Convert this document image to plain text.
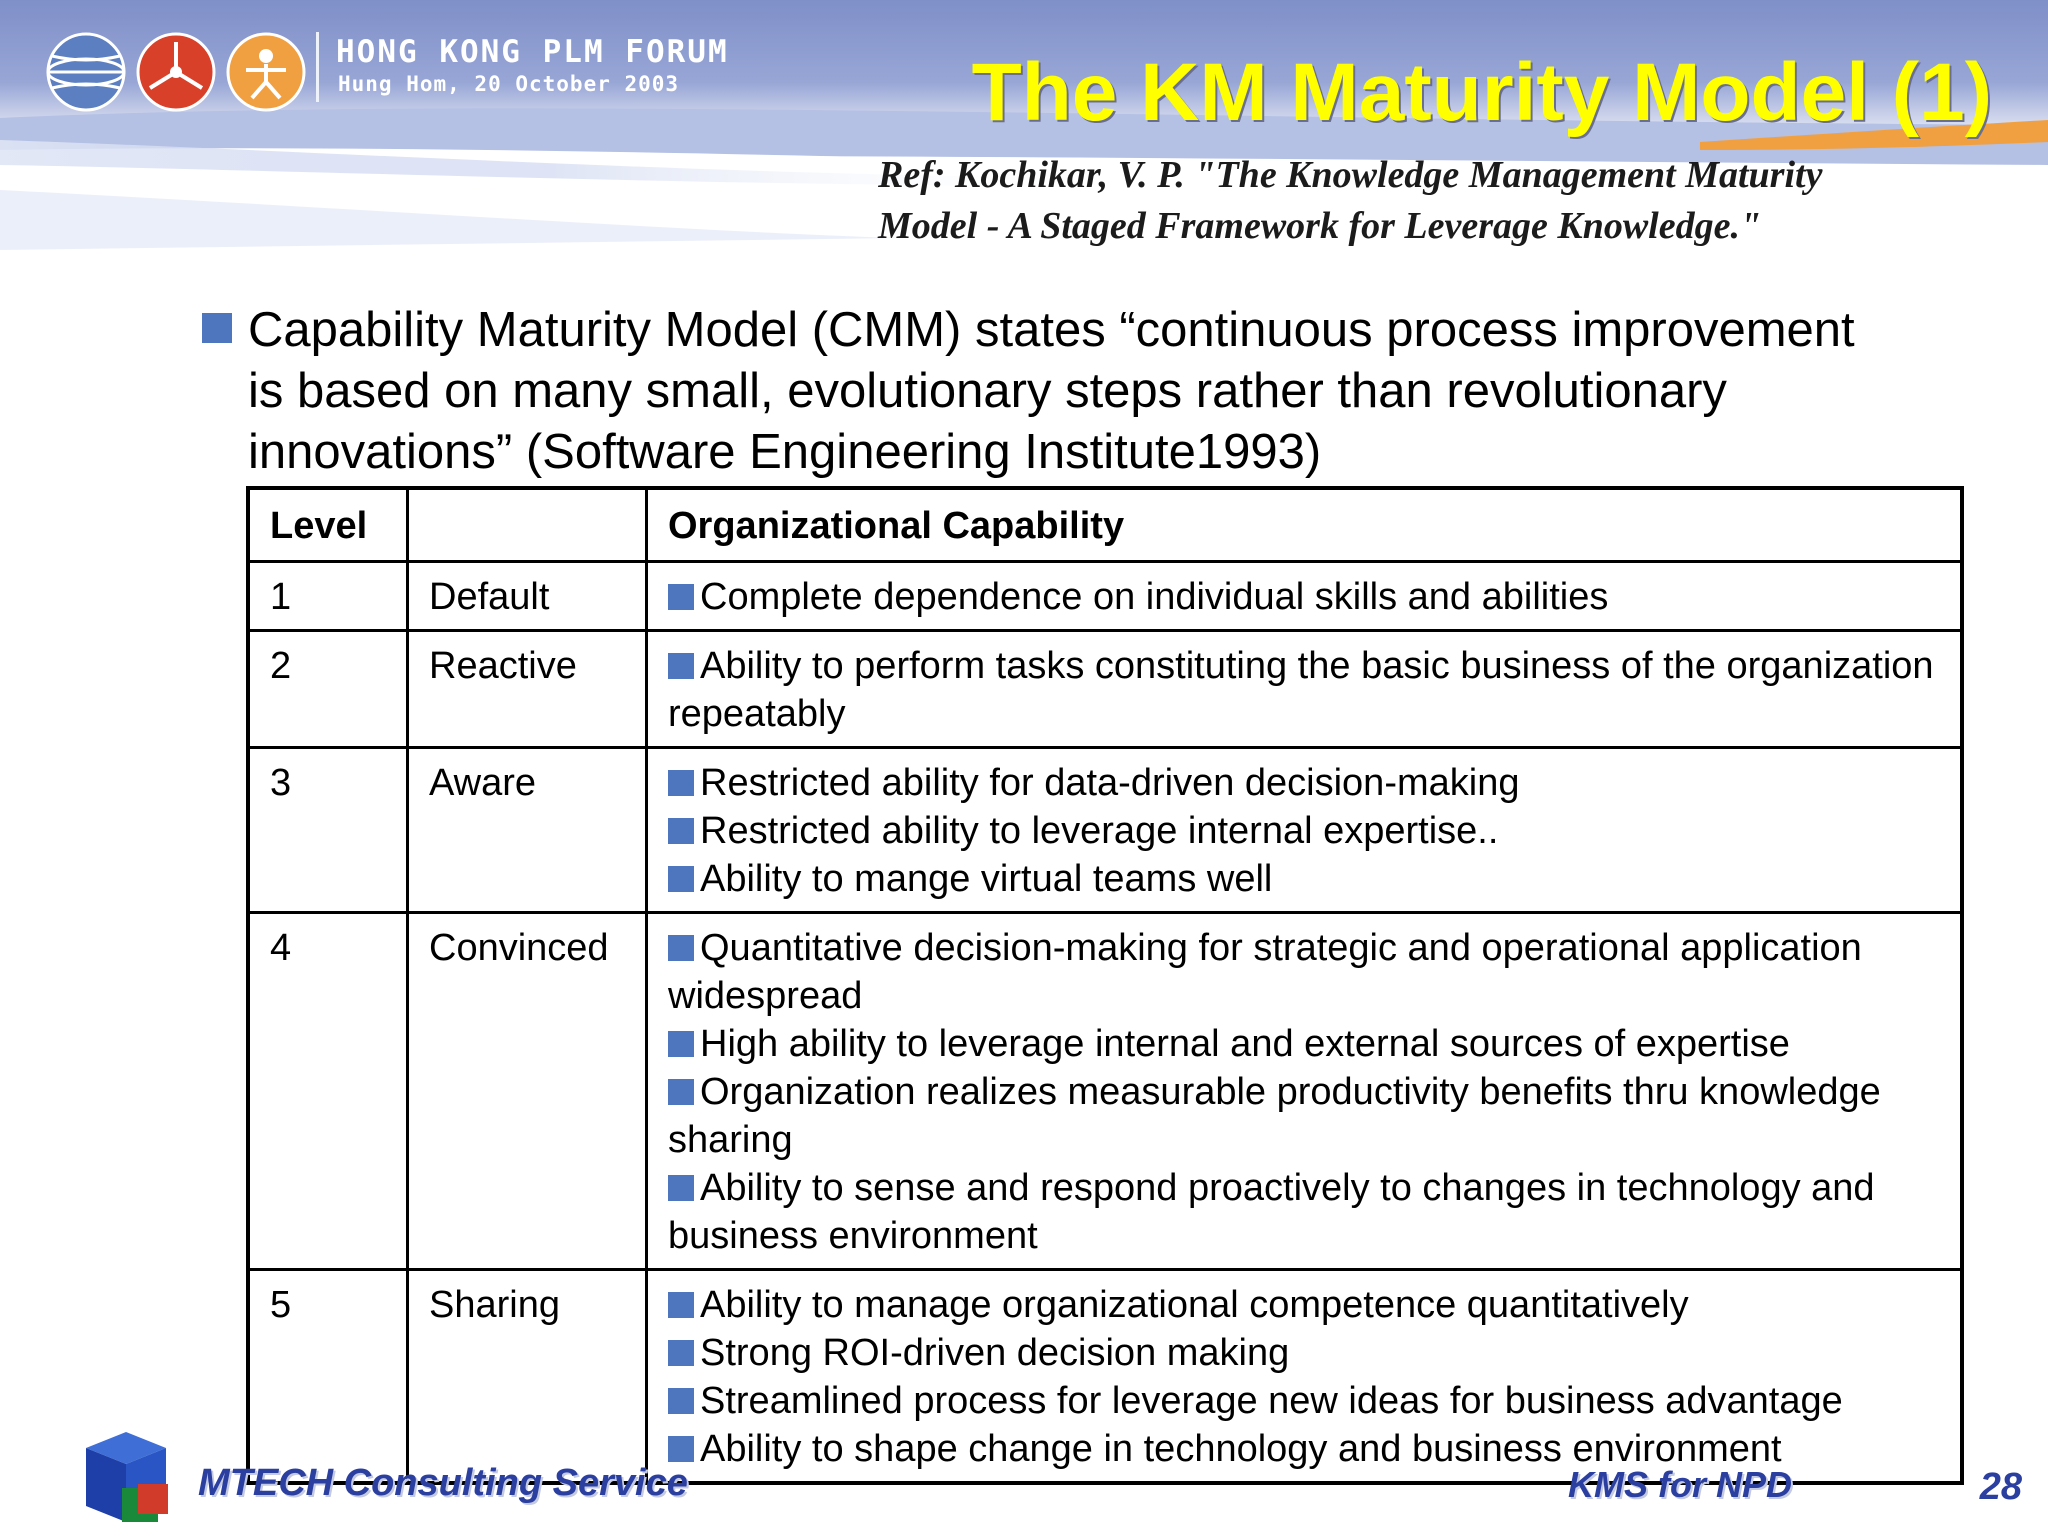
HONG KONG PLM FORUM
Hung Hom, 20 October 2003	The KM Maturity Model (1)
Ref: Kochikar, V. P. "The Knowledge Management Maturity
Model - A Staged Framework for Leverage Knowledge."
Capability Maturity Model (CMM) states “continuous process improvement is based on many small, evolutionary steps rather than revolutionary innovations” (Software Engineering Institute1993)
Level		Organizational Capability
1	Default	Complete dependence on individual skills and abilities

2	Reactive	Ability to perform tasks constituting the basic business of the organization repeatably

3	Aware	Restricted ability for data-driven decision-making
Restricted ability to leverage internal expertise..
Ability to mange virtual teams well

4	Convinced	Quantitative decision-making for strategic and operational application widespread
High ability to leverage internal and external sources of expertise
Organization realizes measurable productivity benefits thru knowledge sharing
Ability to sense and respond proactively to changes in technology and business environment

5	Sharing	Ability to manage organizational competence quantitatively
Strong ROI-driven decision making
Streamlined process for leverage new ideas for business advantage
Ability to shape change in technology and business environment
MTECH Consulting Service	KMS for NPD	28
